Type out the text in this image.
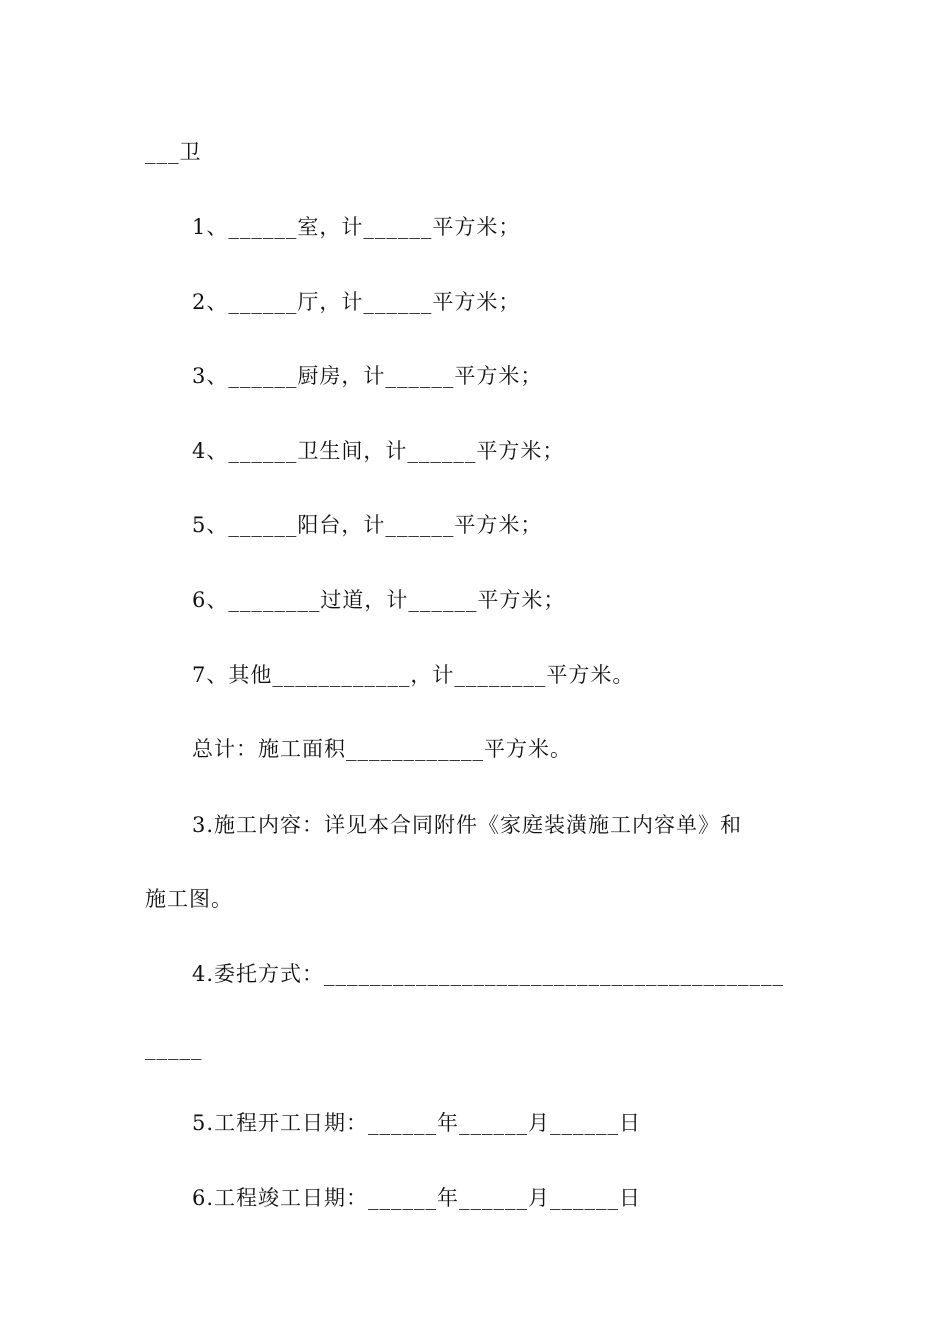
___卫
1、______室，计______平方米；
2、______厅，计______平方米；
3、______厨房，计______平方米；
4、______卫生间，计______平方米；
5、______阳台，计______平方米；
6、________过道，计______平方米；
7、其他____________，计________平方米。
总计：施工面积____________平方米。
3.施工内容：详见本合同附件《家庭装潢施工内容单》和
施工图。
4.委托方式：________________________________________
_____
5.工程开工日期：______年______月______日
6.工程竣工日期：______年______月______日
